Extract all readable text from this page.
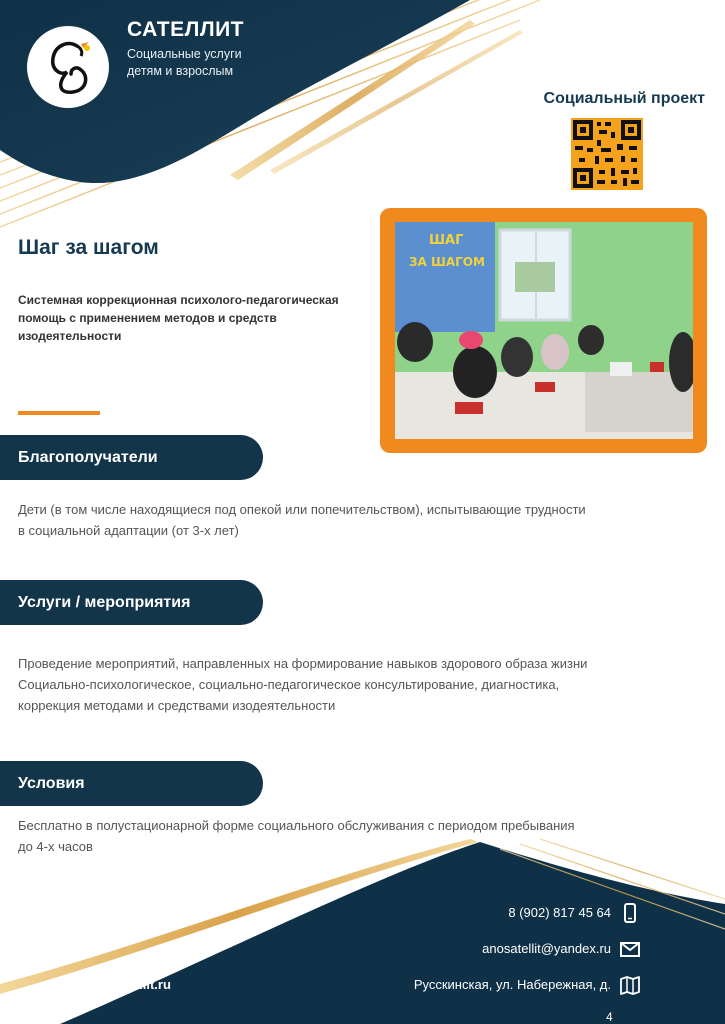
САТЕЛЛИТ
Социальные услуги
детям и взрослым
Социальный проект
Шаг за шагом
Системная коррекционная психолого-педагогическая помощь с применением методов и средств изодеятельности
ШАГ
ЗА ШАГОМ
Благополучатели
Дети (в том числе находящиеся под опекой или попечительством), испытывающие трудности
в социальной адаптации (от 3-х лет)
Услуги / мероприятия
Проведение мероприятий, направленных на формирование навыков здорового образа жизни
Социально-психологическое, социально-педагогическое консультирование, диагностика,
коррекция методами и средствами изодеятельности
Условия
Бесплатно в полустационарной форме социального обслуживания с периодом пребывания
до 4-х часов
8 (902) 817 45 64
anosatellit@yandex.ru
Русскинская, ул. Набережная, д.
4
anosatellit.ru
